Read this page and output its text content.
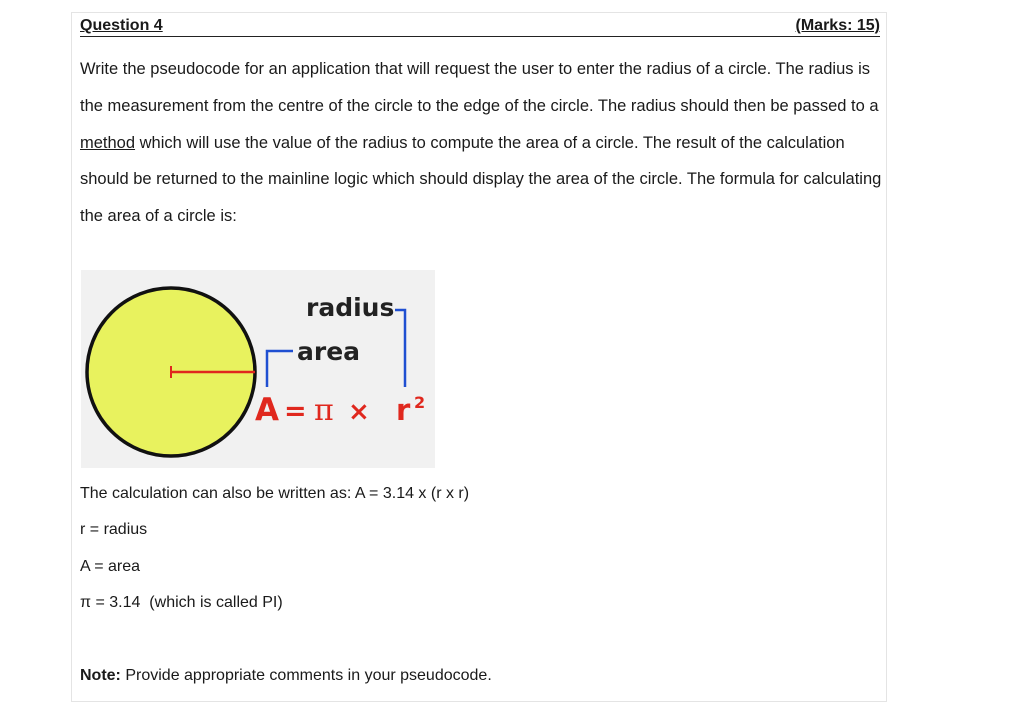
Question 4	(Marks: 15)
Write the pseudocode for an application that will request the user to enter the radius of a circle. The radius is the measurement from the centre of the circle to the edge of the circle. The radius should then be passed to a method which will use the value of the radius to compute the area of a circle. The result of the calculation should be returned to the mainline logic which should display the area of the circle. The formula for calculating the area of a circle is:
radius
area
A = π × r 2
The calculation can also be written as: A = 3.14 x (r x r)
r = radius
A = area
π = 3.14  (which is called PI)
Note: Provide appropriate comments in your pseudocode.
